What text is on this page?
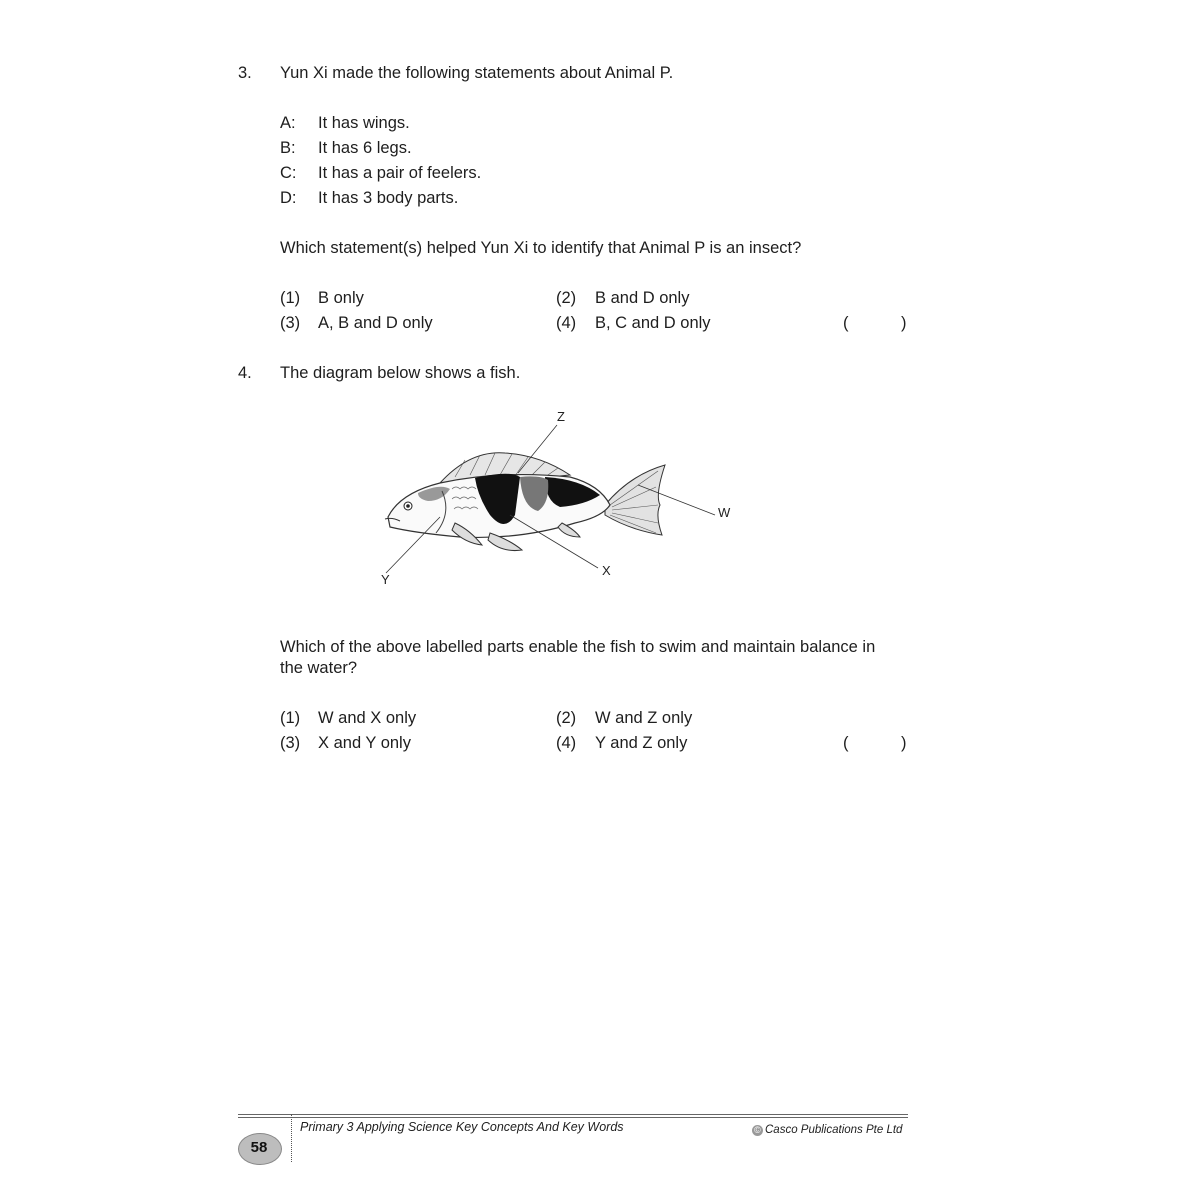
3. Yun Xi made the following statements about Animal P.
A: It has wings.
B: It has 6 legs.
C: It has a pair of feelers.
D: It has 3 body parts.
Which statement(s) helped Yun Xi to identify that Animal P is an insect?
(1) B only	(2) B and D only
(3) A, B and D only	(4) B, C and D only	(	)
4. The diagram below shows a fish.
Z
W
X
Y
Which of the above labelled parts enable the fish to swim and maintain balance in
the water?
(1) W and X only	(2) W and Z only
(3) X and Y only	(4) Y and Z only	(	)
58
Primary 3 Applying Science Key Concepts And Key Words	© Casco Publications Pte Ltd
